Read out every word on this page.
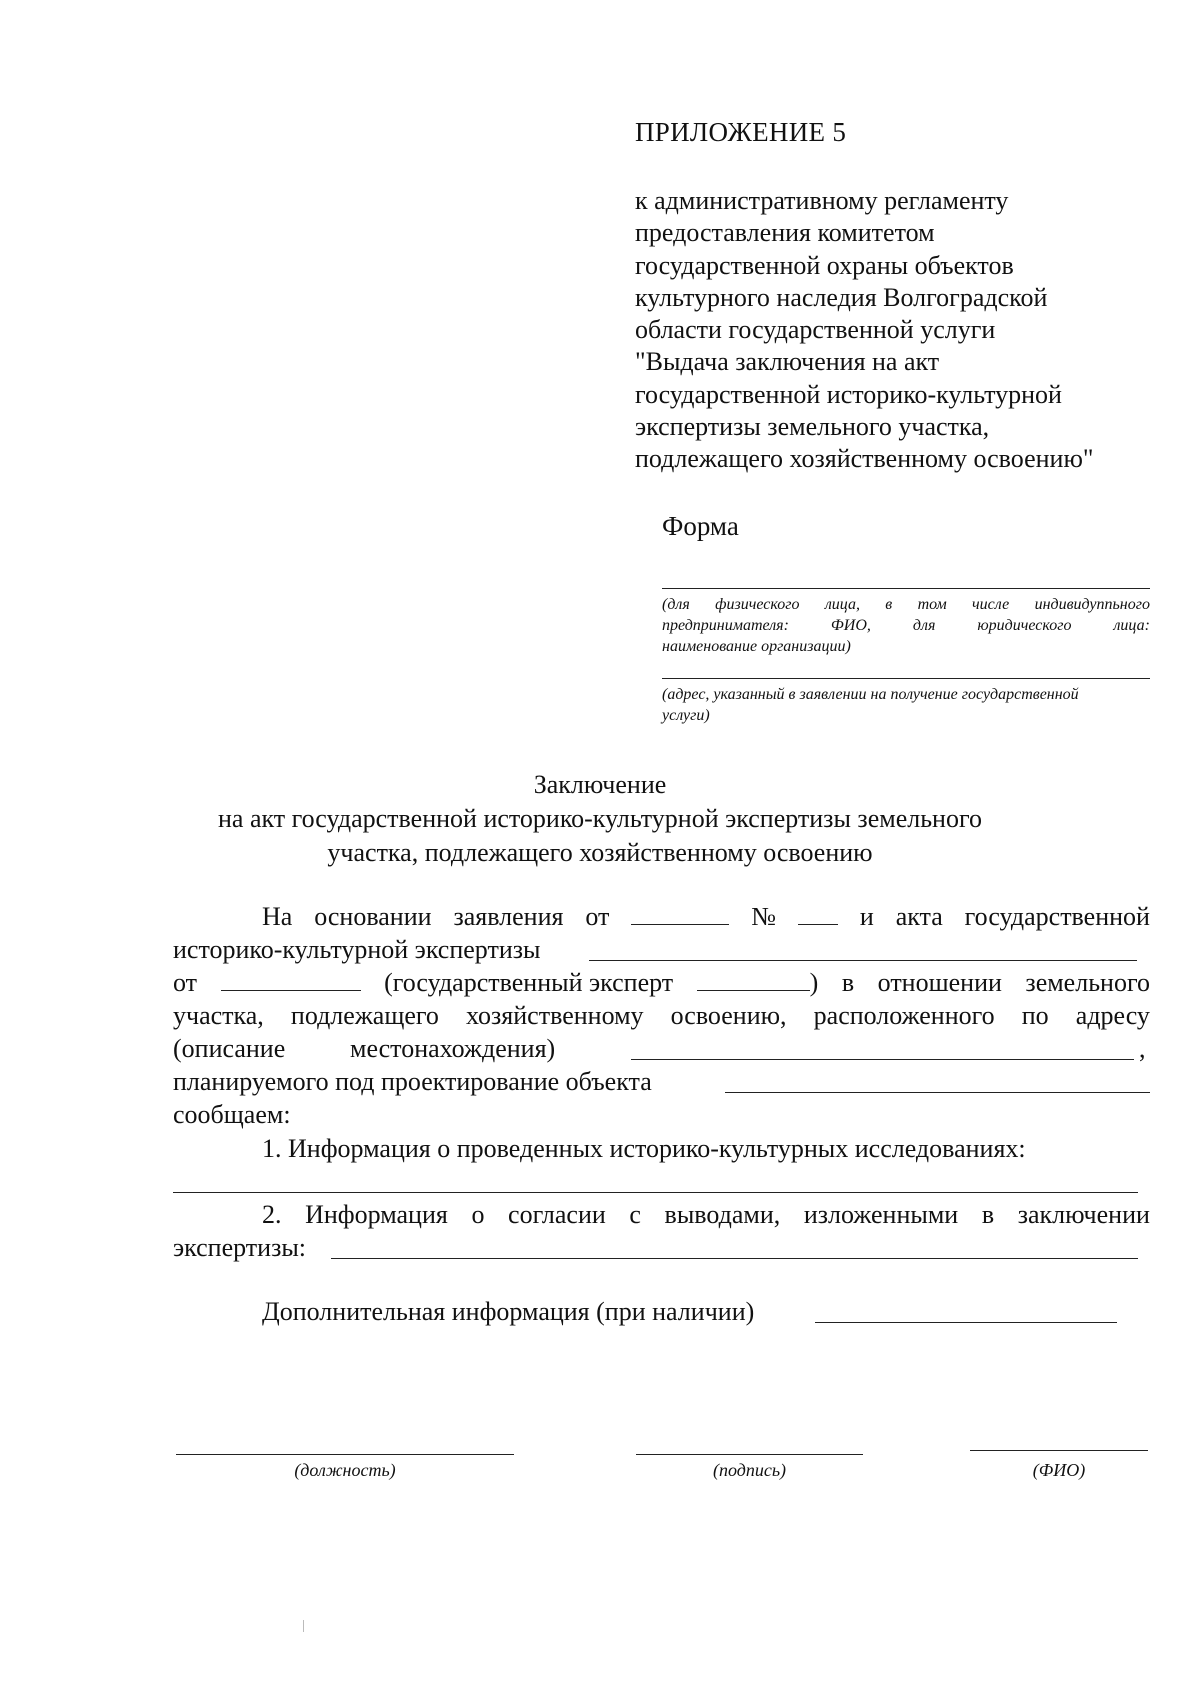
ПРИЛОЖЕНИЕ 5
к административному регламенту
предоставления комитетом
государственной охраны объектов
культурного наследия Волгоградской
области государственной услуги
"Выдача заключения на акт
государственной историко-культурной
экспертизы земельного участка,
подлежащего хозяйственному освоению"
Форма
(для физического лица, в том числе индивидуппьного
предпринимателя:	ФИО,	для	юридического	лица:
наименование организации)
(адрес, указанный в заявлении на получение государственной
услуги)
Заключение
на акт государственной историко-культурной экспертизы земельного
участка, подлежащего хозяйственному освоению
На основании заявления от	№	и акта государственной
историко-культурной экспертизы
от	(государственный эксперт	) в отношении земельного
участка, подлежащего хозяйственному освоению, расположенного по адресу
(описание местонахождения)	,
планируемого под проектирование объекта
сообщаем:
1. Информация о проведенных историко-культурных исследованиях:
2. Информация о согласии с выводами, изложенными в заключении
экспертизы:
Дополнительная информация (при наличии)
(должность)	(подпись)	(ФИО)
